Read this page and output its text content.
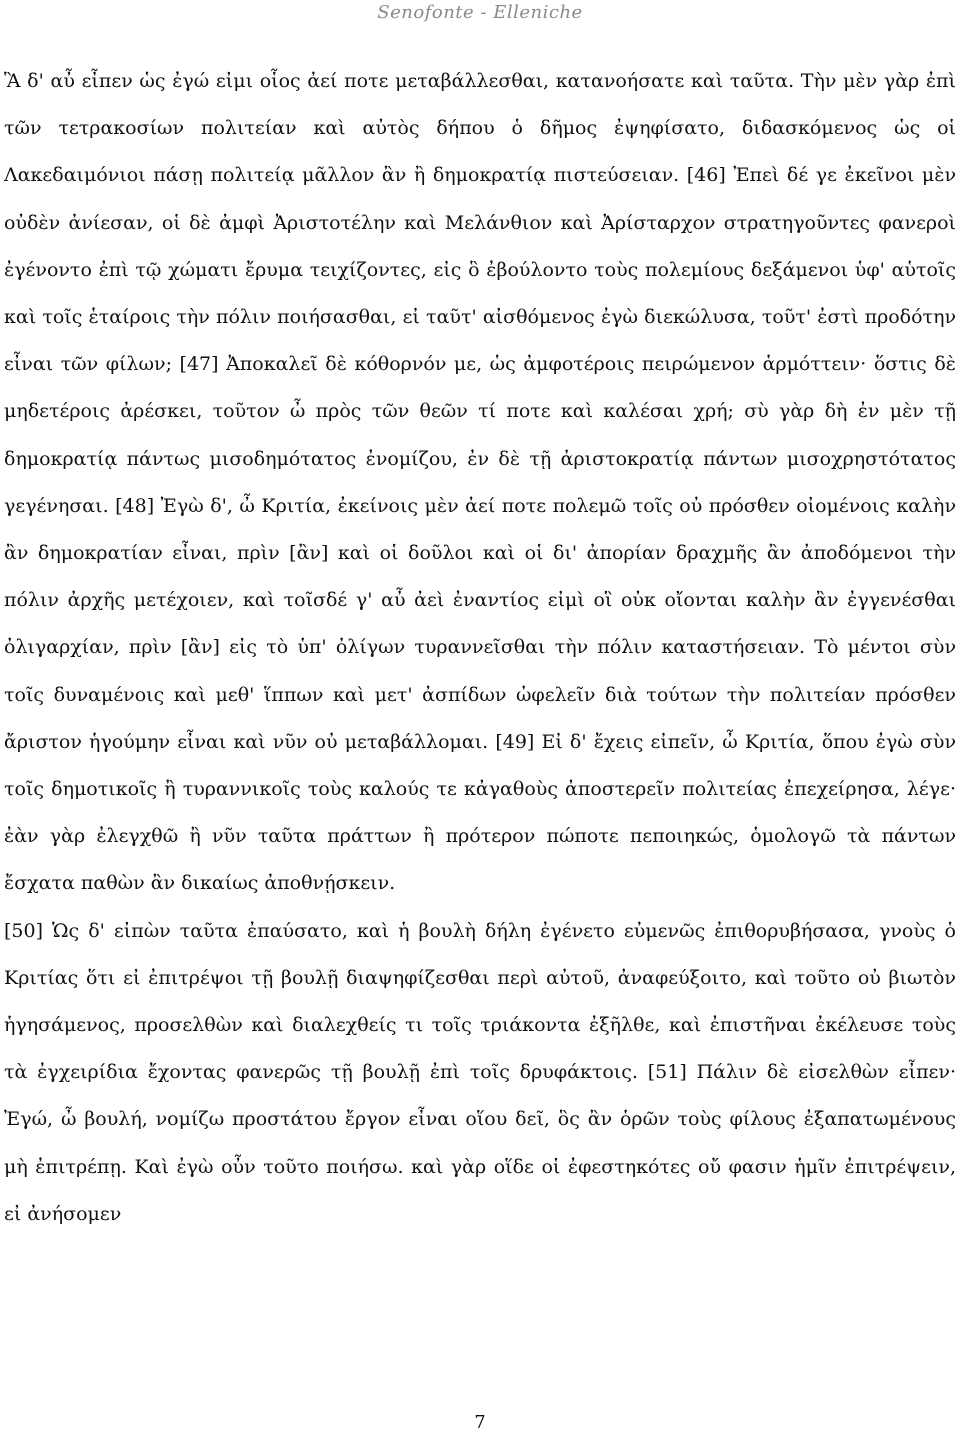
Senofonte - Elleniche

Ἃ δ' αὖ εἶπεν ὡς ἐγώ εἰμι οἷος ἀεί ποτε μεταβάλλεσθαι, κατανοήσατε καὶ ταῦτα. Τὴν μὲν γὰρ ἐπὶ τῶν τετρακοσίων πολιτείαν καὶ αὐτὸς δήπου ὁ δῆμος ἐψηφίσατο, διδασκόμενος ὡς οἱ Λακεδαιμόνιοι πάσῃ πολιτείᾳ μᾶλλον ἂν ἢ δημοκρατίᾳ πιστεύσειαν. [46] Ἐπεὶ δέ γε ἐκεῖνοι μὲν οὐδὲν ἀνίεσαν, οἱ δὲ ἀμφὶ Ἀριστοτέλην καὶ Μελάνθιον καὶ Ἀρίσταρχον στρατηγοῦντες φανεροὶ ἐγένοντο ἐπὶ τῷ χώματι ἔρυμα τειχίζοντες, εἰς ὃ ἐβούλοντο τοὺς πολεμίους δεξάμενοι ὑφ' αὑτοῖς καὶ τοῖς ἑταίροις τὴν πόλιν ποιήσασθαι, εἰ ταῦτ' αἰσθόμενος ἐγὼ διεκώλυσα, τοῦτ' ἐστὶ προδότην εἶναι τῶν φίλων; [47] Ἀποκαλεῖ δὲ κόθορνόν με, ὡς ἀμφοτέροις πειρώμενον ἁρμόττειν· ὅστις δὲ μηδετέροις ἀρέσκει, τοῦτον ὦ πρὸς τῶν θεῶν τί ποτε καὶ καλέσαι χρή; σὺ γὰρ δὴ ἐν μὲν τῇ δημοκρατίᾳ πάντως μισοδημότατος ἐνομίζου, ἐν δὲ τῇ ἀριστοκρατίᾳ πάντων μισοχρηστότατος γεγένησαι. [48] Ἐγὼ δ', ὦ Κριτία, ἐκείνοις μὲν ἀεί ποτε πολεμῶ τοῖς οὐ πρόσθεν οἰομένοις καλὴν ἂν δημοκρατίαν εἶναι, πρὶν [ἂν] καὶ οἱ δοῦλοι καὶ οἱ δι' ἀπορίαν δραχμῆς ἂν ἀποδόμενοι τὴν πόλιν ἀρχῆς μετέχοιεν, καὶ τοῖσδέ γ' αὖ ἀεὶ ἐναντίος εἰμὶ οἳ οὐκ οἴονται καλὴν ἂν ἐγγενέσθαι ὀλιγαρχίαν, πρὶν [ἂν] εἰς τὸ ὑπ' ὀλίγων τυραννεῖσθαι τὴν πόλιν καταστήσειαν. Τὸ μέντοι σὺν τοῖς δυναμένοις καὶ μεθ' ἵππων καὶ μετ' ἀσπίδων ὠφελεῖν διὰ τούτων τὴν πολιτείαν πρόσθεν ἄριστον ἡγούμην εἶναι καὶ νῦν οὐ μεταβάλλομαι. [49] Εἰ δ' ἔχεις εἰπεῖν, ὦ Κριτία, ὅπου ἐγὼ σὺν τοῖς δημοτικοῖς ἢ τυραννικοῖς τοὺς καλούς τε κἀγαθοὺς ἀποστερεῖν πολιτείας ἐπεχείρησα, λέγε· ἐὰν γὰρ ἐλεγχθῶ ἢ νῦν ταῦτα πράττων ἢ πρότερον πώποτε πεποιηκώς, ὁμολογῶ τὰ πάντων ἔσχατα παθὼν ἂν δικαίως ἀποθνῄσκειν.

[50] Ὡς δ' εἰπὼν ταῦτα ἐπαύσατο, καὶ ἡ βουλὴ δήλη ἐγένετο εὐμενῶς ἐπιθορυβήσασα, γνοὺς ὁ Κριτίας ὅτι εἰ ἐπιτρέψοι τῇ βουλῇ διαψηφίζεσθαι περὶ αὐτοῦ, ἀναφεύξοιτο, καὶ τοῦτο οὐ βιωτὸν ἡγησάμενος, προσελθὼν καὶ διαλεχθείς τι τοῖς τριάκοντα ἐξῆλθε, καὶ ἐπιστῆναι ἐκέλευσε τοὺς τὰ ἐγχειρίδια ἔχοντας φανερῶς τῇ βουλῇ ἐπὶ τοῖς δρυφάκτοις. [51] Πάλιν δὲ εἰσελθὼν εἶπεν· Ἐγώ, ὦ βουλή, νομίζω προστάτου ἔργον εἶναι οἵου δεῖ, ὃς ἂν ὁρῶν τοὺς φίλους ἐξαπατωμένους μὴ ἐπιτρέπῃ. Καὶ ἐγὼ οὖν τοῦτο ποιήσω. καὶ γὰρ οἵδε οἱ ἐφεστηκότες οὔ φασιν ἡμῖν ἐπιτρέψειν, εἰ ἀνήσομεν

7
